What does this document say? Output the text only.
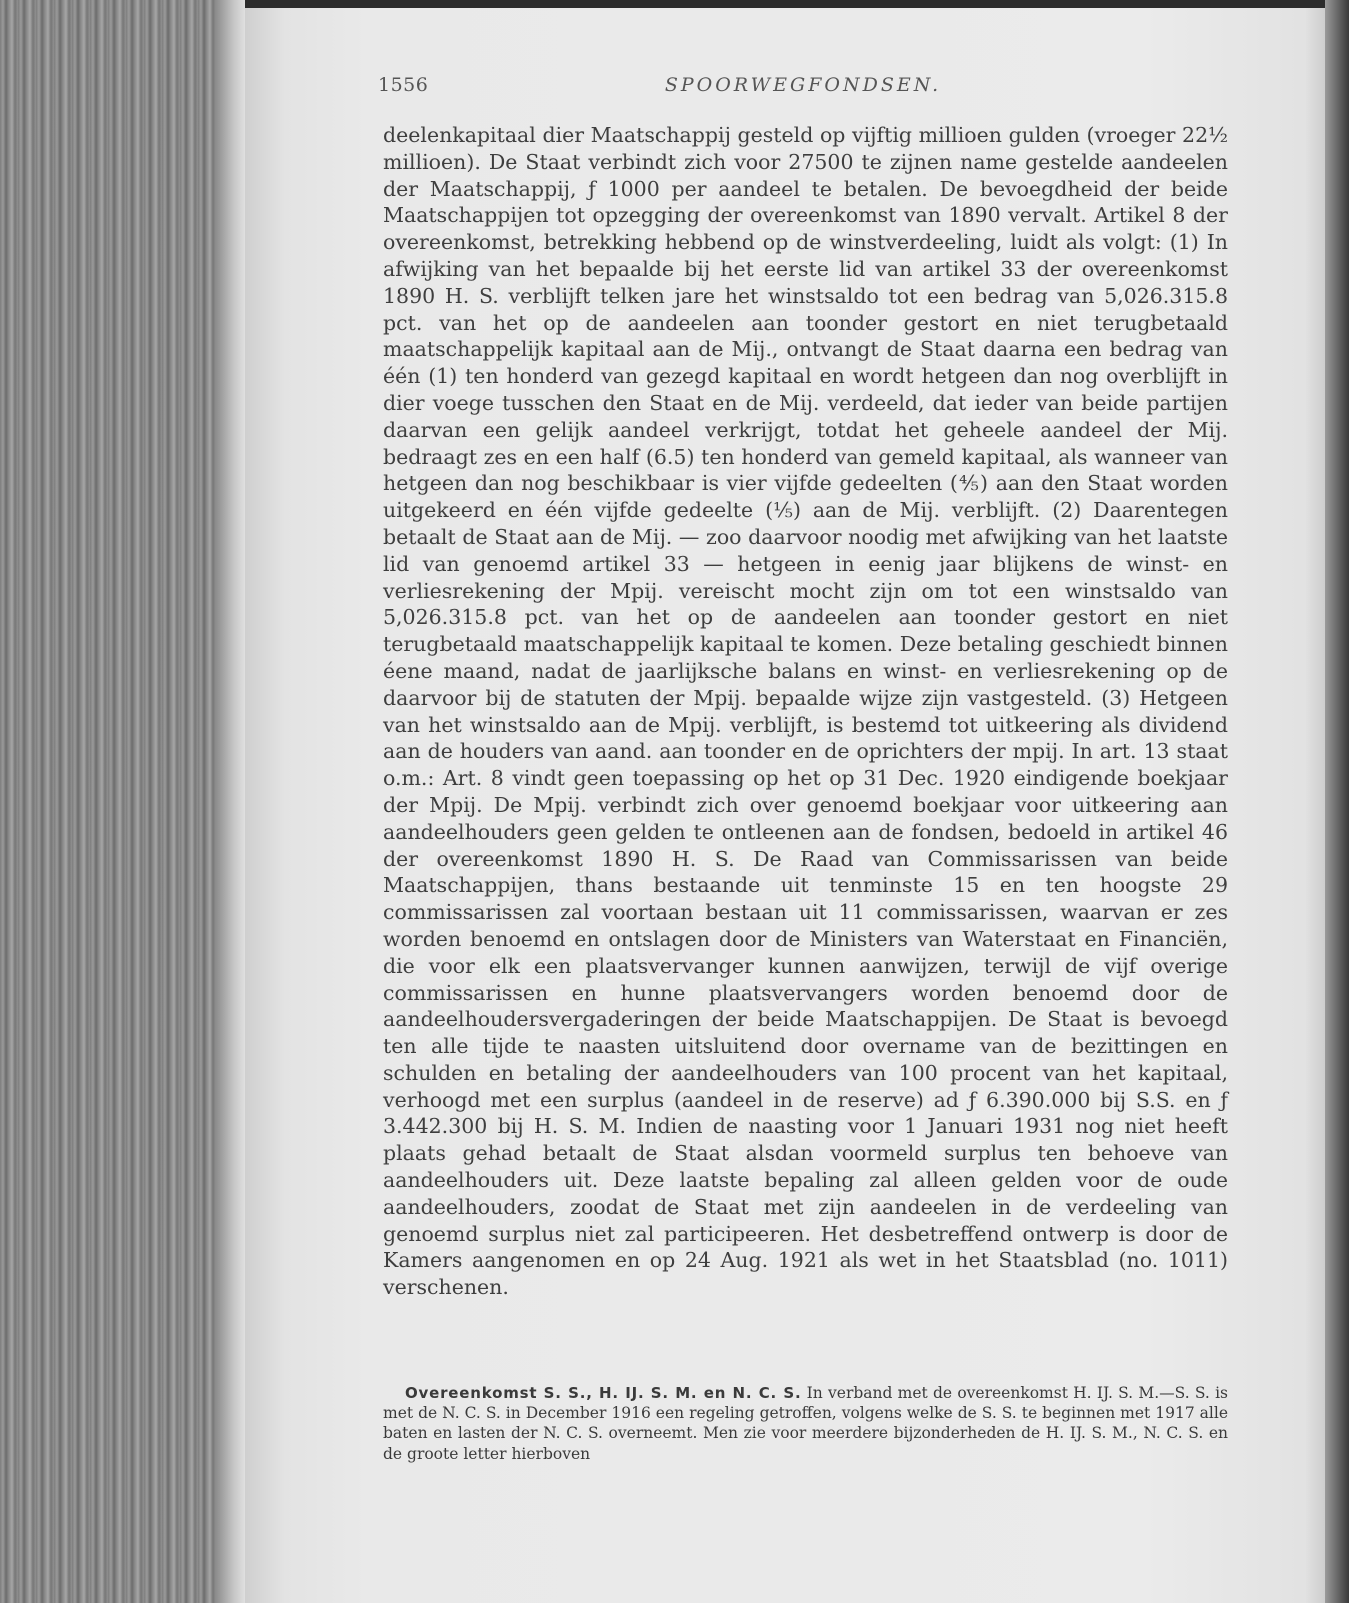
1556	SPOORWEGFONDSEN.

deelenkapitaal dier Maatschappij gesteld op vijftig millioen gulden (vroeger 22½ millioen). De Staat verbindt zich voor 27500 te zijnen name gestelde aandeelen der Maatschappij, ƒ 1000 per aandeel te betalen. De bevoegdheid der beide Maatschappijen tot opzegging der overeenkomst van 1890 vervalt. Artikel 8 der overeenkomst, betrekking hebbend op de winstverdeeling, luidt als volgt: (1) In afwijking van het bepaalde bij het eerste lid van artikel 33 der overeenkomst 1890 H. S. verblijft telken jare het winstsaldo tot een bedrag van 5,026.315.8 pct. van het op de aandeelen aan toonder gestort en niet terugbetaald maatschappelijk kapitaal aan de Mij., ontvangt de Staat daarna een bedrag van één (1) ten honderd van gezegd kapitaal en wordt hetgeen dan nog overblijft in dier voege tusschen den Staat en de Mij. verdeeld, dat ieder van beide partijen daarvan een gelijk aandeel verkrijgt, totdat het geheele aandeel der Mij. bedraagt zes en een half (6.5) ten honderd van gemeld kapitaal, als wanneer van hetgeen dan nog beschikbaar is vier vijfde gedeelten (⅘) aan den Staat worden uitgekeerd en één vijfde gedeelte (⅕) aan de Mij. verblijft. (2) Daarentegen betaalt de Staat aan de Mij. — zoo daarvoor noodig met afwijking van het laatste lid van genoemd artikel 33 — hetgeen in eenig jaar blijkens de winst- en verliesrekening der Mpij. vereischt mocht zijn om tot een winstsaldo van 5,026.315.8 pct. van het op de aandeelen aan toonder gestort en niet terugbetaald maatschappelijk kapitaal te komen. Deze betaling geschiedt binnen éene maand, nadat de jaarlijksche balans en winst- en verliesrekening op de daarvoor bij de statuten der Mpij. bepaalde wijze zijn vastgesteld. (3) Hetgeen van het winstsaldo aan de Mpij. verblijft, is bestemd tot uitkeering als dividend aan de houders van aand. aan toonder en de oprichters der mpij. In art. 13 staat o.m.: Art. 8 vindt geen toepassing op het op 31 Dec. 1920 eindigende boekjaar der Mpij. De Mpij. verbindt zich over genoemd boekjaar voor uitkeering aan aandeelhouders geen gelden te ontleenen aan de fondsen, bedoeld in artikel 46 der overeenkomst 1890 H. S. De Raad van Commissarissen van beide Maatschappijen, thans bestaande uit tenminste 15 en ten hoogste 29 commissarissen zal voortaan bestaan uit 11 commissarissen, waarvan er zes worden benoemd en ontslagen door de Ministers van Waterstaat en Financiën, die voor elk een plaatsvervanger kunnen aanwijzen, terwijl de vijf overige commissarissen en hunne plaatsvervangers worden benoemd door de aandeelhoudersvergaderingen der beide Maatschappijen. De Staat is bevoegd ten alle tijde te naasten uitsluitend door overname van de bezittingen en schulden en betaling der aandeelhouders van 100 procent van het kapitaal, verhoogd met een surplus (aandeel in de reserve) ad ƒ 6.390.000 bij S.S. en ƒ 3.442.300 bij H. S. M. Indien de naasting voor 1 Januari 1931 nog niet heeft plaats gehad betaalt de Staat alsdan voormeld surplus ten behoeve van aandeelhouders uit. Deze laatste bepaling zal alleen gelden voor de oude aandeelhouders, zoodat de Staat met zijn aandeelen in de verdeeling van genoemd surplus niet zal participeeren. Het desbetreffend ontwerp is door de Kamers aangenomen en op 24 Aug. 1921 als wet in het Staatsblad (no. 1011) verschenen.

Overeenkomst S. S., H. IJ. S. M. en N. C. S. In verband met de overeenkomst H. IJ. S. M.—S. S. is met de N. C. S. in December 1916 een regeling getroffen, volgens welke de S. S. te beginnen met 1917 alle baten en lasten der N. C. S. overneemt. Men zie voor meerdere bijzonderheden de H. IJ. S. M., N. C. S. en de groote letter hierboven
